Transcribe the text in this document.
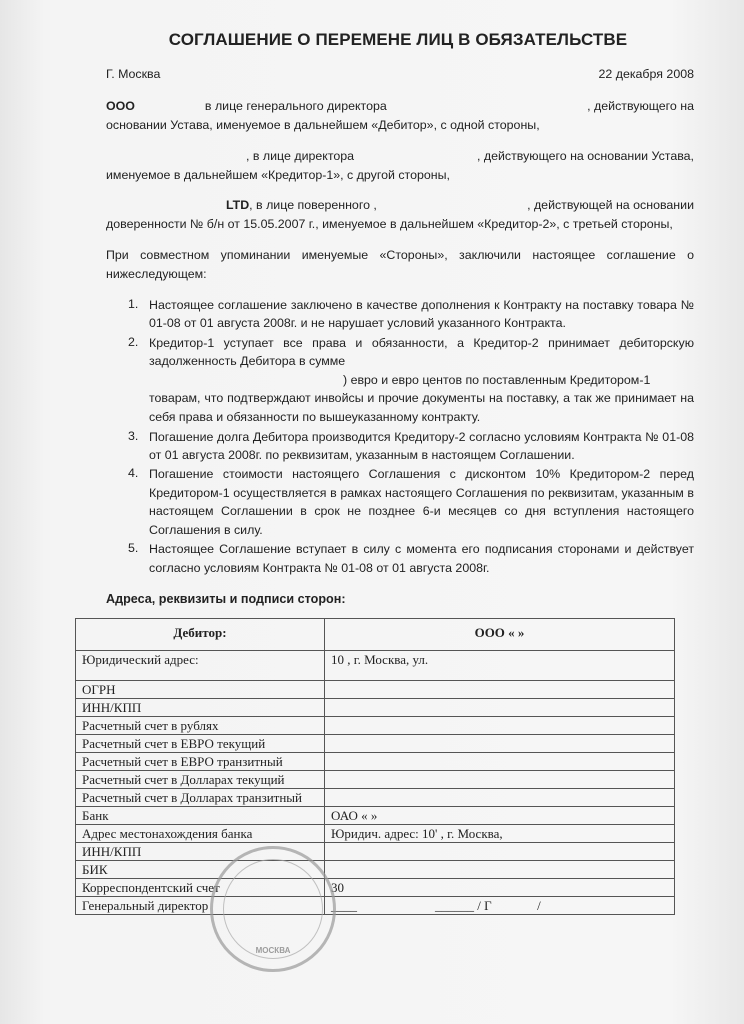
СОГЛАШЕНИЕ О ПЕРЕМЕНЕ ЛИЦ В ОБЯЗАТЕЛЬСТВЕ
Г. Москва	22 декабря 2008
ООО	в лице генерального директора	, действующего на
основании Устава, именуемое в дальнейшем «Дебитор», с одной стороны,
, в лице директора	, действующего на основании Устава,
именуемое в дальнейшем «Кредитор-1», с другой стороны,
LTD, в лице поверенного ,	, действующей на основании
доверенности № б/н от 15.05.2007 г., именуемое в дальнейшем «Кредитор-2», с третьей стороны,
При совместном упоминании именуемые «Стороны», заключили настоящее соглашение о
нижеследующем:
1. Настоящее соглашение заключено в качестве дополнения к Контракту на поставку товара №
01-08 от 01 августа 2008г. и не нарушает условий указанного Контракта.
2. Кредитор-1 уступает все права и обязанности, а Кредитор-2 принимает дебиторскую
задолженность Дебитора в сумме
) евро и евро центов по поставленным Кредитором-1
товарам, что подтверждают инвойсы и прочие документы на поставку, а так же принимает на
себя права и обязанности по вышеуказанному контракту.
3. Погашение долга Дебитора производится Кредитору-2 согласно условиям Контракта № 01-08
от 01 августа 2008г. по реквизитам, указанным в настоящем Соглашении.
4. Погашение стоимости настоящего Соглашения с дисконтом 10% Кредитором-2 перед
Кредитором-1 осуществляется в рамках настоящего Соглашения по реквизитам, указанным в
настоящем Соглашении в срок не позднее 6-и месяцев со дня вступления настоящего
Соглашения в силу.
5. Настоящее Соглашение вступает в силу с момента его подписания сторонами и действует
согласно условиям Контракта № 01-08 от 01 августа 2008г.
Адреса, реквизиты и подписи сторон:
Дебитор:	ООО « »
Юридический адрес:	10 , г. Москва, ул.
ОГРН	
ИНН/КПП	
Расчетный счет в рублях	
Расчетный счет в ЕВРО текущий	
Расчетный счет в ЕВРО транзитный	
Расчетный счет в Долларах текущий	
Расчетный счет в Долларах транзитный	
Банк	ОАО « »
Адрес местонахождения банка	Юридич. адрес: 10' , г. Москва,
ИНН/КПП	
БИК	
Корреспондентский счет	30
Генеральный директор	____                        ______ / Г              /
МОСКВА
